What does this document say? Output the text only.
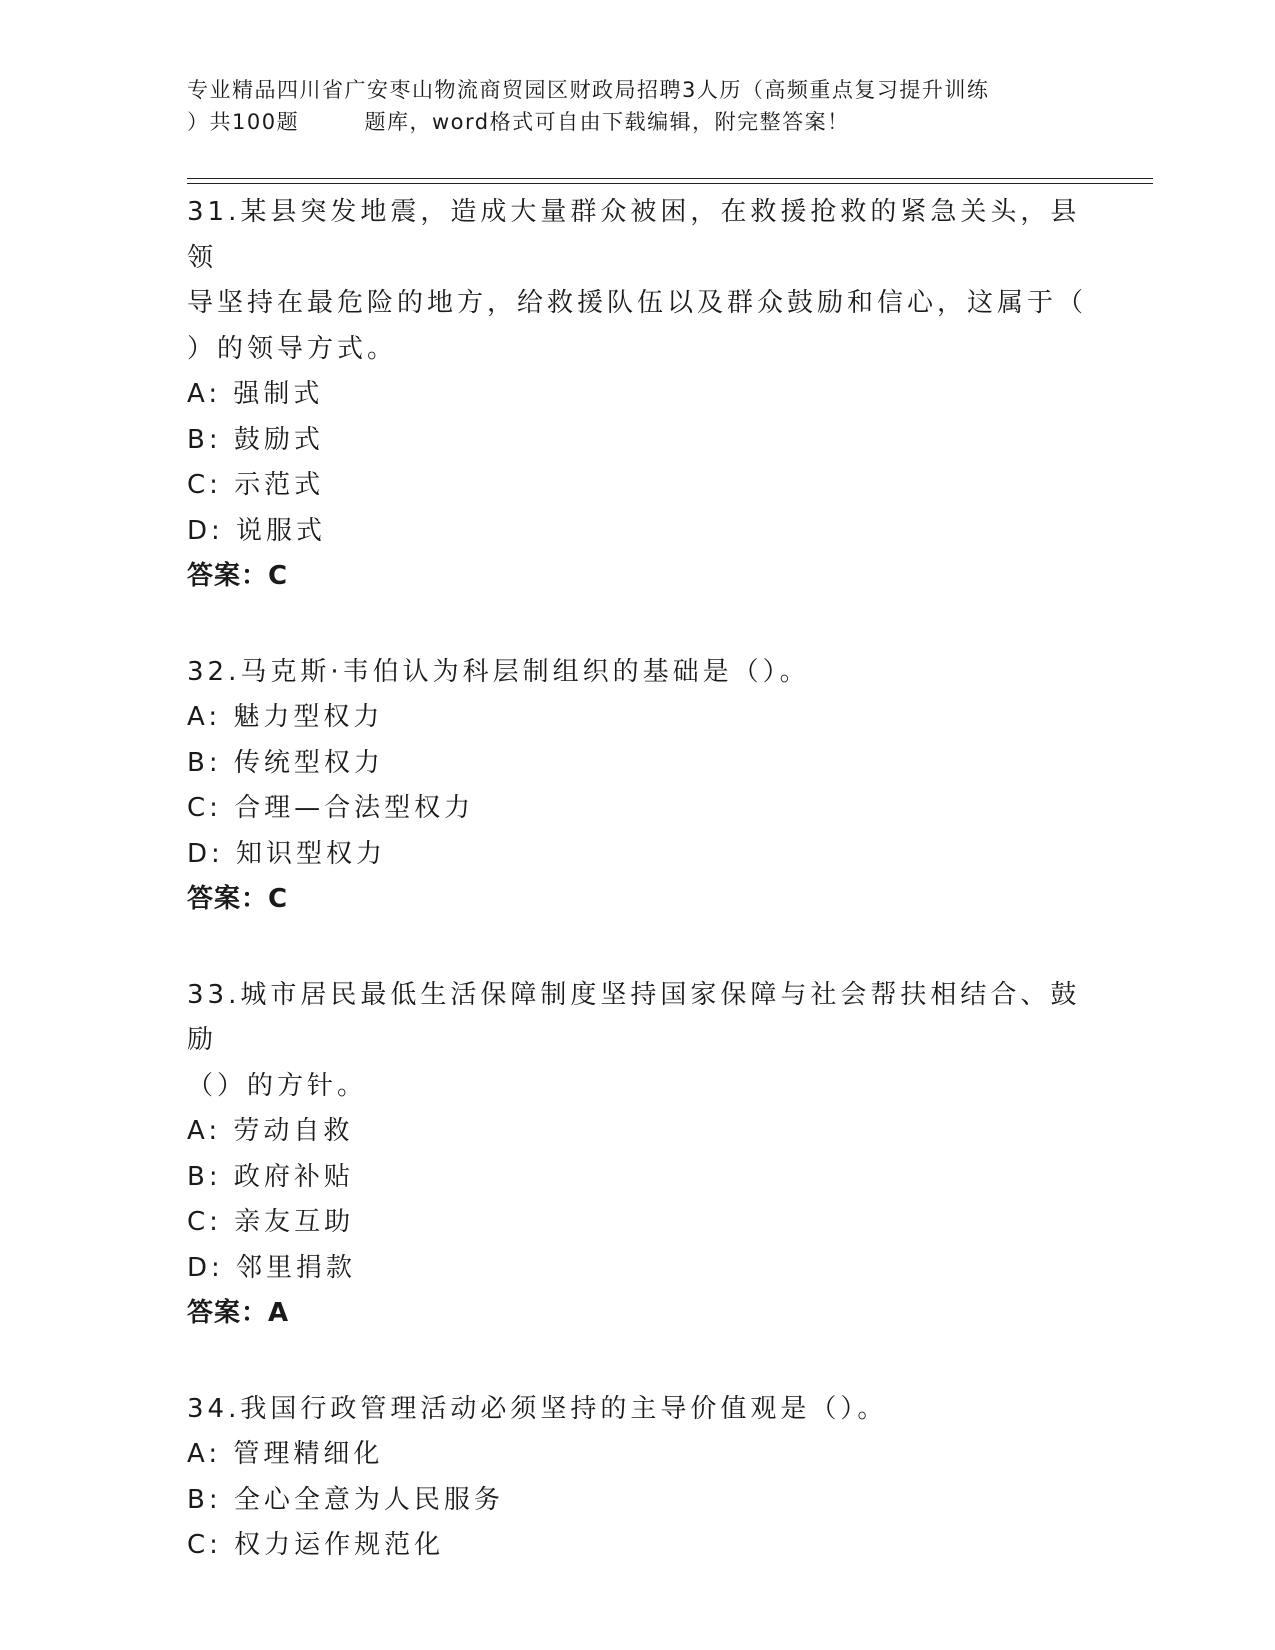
专业精品四川省广安枣山物流商贸园区财政局招聘3人历（高频重点复习提升训练
）共100题        题库，word格式可自由下载编辑，附完整答案！
31.某县突发地震，造成大量群众被困，在救援抢救的紧急关头，县领
导坚持在最危险的地方，给救援队伍以及群众鼓励和信心，这属于（
）的领导方式。
A: 强制式
B: 鼓励式
C: 示范式
D: 说服式
答案：C
32.马克斯·韦伯认为科层制组织的基础是（）。
A: 魅力型权力
B: 传统型权力
C: 合理—合法型权力
D: 知识型权力
答案：C
33.城市居民最低生活保障制度坚持国家保障与社会帮扶相结合、鼓励
（）的方针。
A: 劳动自救
B: 政府补贴
C: 亲友互助
D: 邻里捐款
答案：A
34.我国行政管理活动必须坚持的主导价值观是（）。
A: 管理精细化
B: 全心全意为人民服务
C: 权力运作规范化
